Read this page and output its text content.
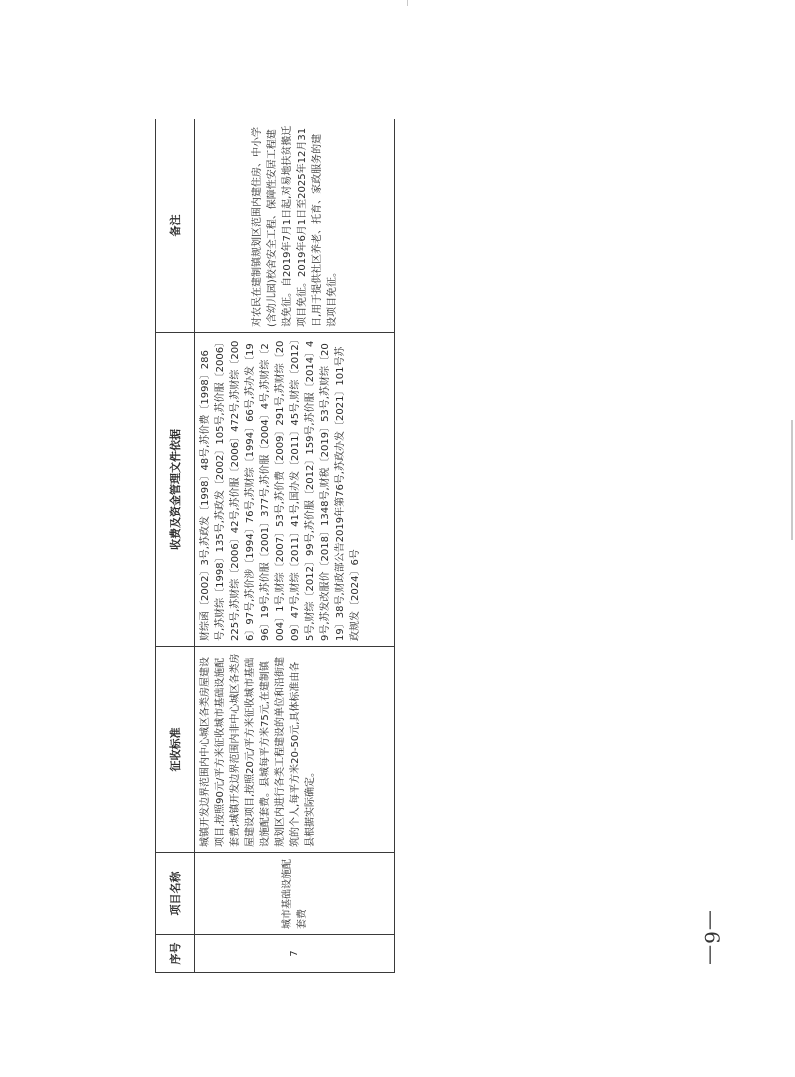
序号	项目名称	征收标准	收费及资金管理文件依据	备注
7	城市基础设施配套费	城镇开发边界范围内中心城区各类房屋建设项目,按照90元/平方米征收城市基础设施配套费;城镇开发边界范围内非中心城区各类房屋建设项目,按照20元/平方米征收城市基础设施配套费。县城每平方米75元,在建制镇规划区内进行各类工程建设的单位和沿街建筑的个人,每平方米20-50元,具体标准由各县根据实际确定。	财综函〔2002〕3号,苏政发〔1998〕48号,苏价费〔1998〕286号,苏财综〔1998〕135号,苏政发〔2002〕105号,苏价服〔2006〕225号,苏财综〔2006〕42号,苏价服〔2006〕472号,苏财综〔2006〕97号,苏价涉〔1994〕76号,苏财综〔1994〕66号,苏办发〔1996〕19号,苏价服〔2001〕377号,苏价服〔2004〕4号,苏财综〔2004〕1号,财综〔2007〕53号,苏价费〔2009〕291号,苏财综〔2009〕47号,财综〔2011〕41号,国办发〔2011〕45号,财综〔2012〕5号,财综〔2012〕99号,苏价服〔2012〕159号,苏价服〔2014〕49号,苏发改服价〔2018〕1348号,财税〔2019〕53号,苏财综〔2019〕38号,财政部公告2019年第76号,苏政办发〔2021〕101号苏政规发〔2024〕6号	对农民在建制镇规划区范围内建住房、中小学(含幼儿园)校舍安全工程、保障性安居工程建设免征。自2019年7月1日起,对易地扶贫搬迁项目免征。2019年6月1日至2025年12月31日,用于提供社区养老、托育、家政服务的建设项目免征。
—6—
